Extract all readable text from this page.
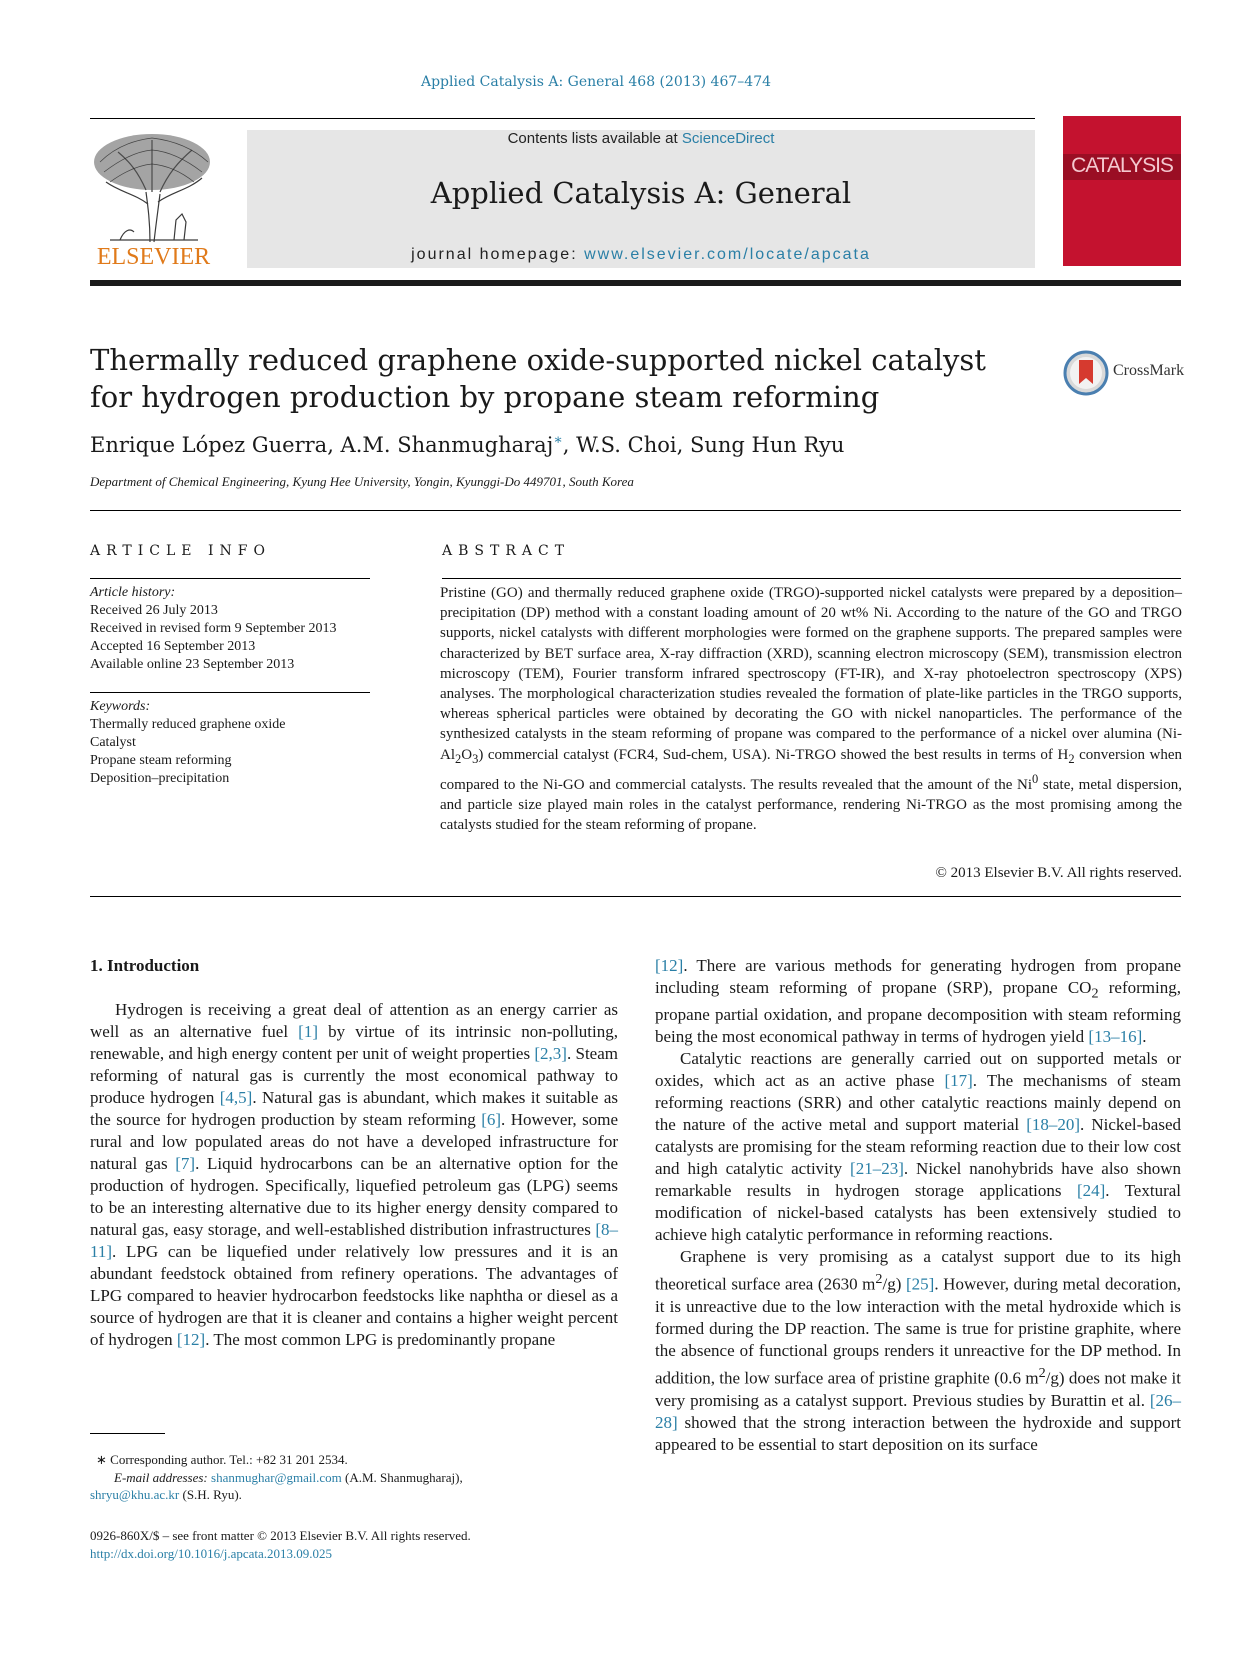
Applied Catalysis A: General 468 (2013) 467–474
ELSEVIER
Contents lists available at ScienceDirect
Applied Catalysis A: General
journal homepage: www.elsevier.com/locate/apcata
CATALYSIS
Thermally reduced graphene oxide-supported nickel catalyst for hydrogen production by propane steam reforming
CrossMark
Enrique López Guerra, A.M. Shanmugharaj∗, W.S. Choi, Sung Hun Ryu
Department of Chemical Engineering, Kyung Hee University, Yongin, Kyunggi-Do 449701, South Korea
ARTICLE INFO	ABSTRACT
Article history:
Received 26 July 2013
Received in revised form 9 September 2013
Accepted 16 September 2013
Available online 23 September 2013
Keywords:
Thermally reduced graphene oxide
Catalyst
Propane steam reforming
Deposition–precipitation
Pristine (GO) and thermally reduced graphene oxide (TRGO)-supported nickel catalysts were prepared by a deposition–precipitation (DP) method with a constant loading amount of 20 wt% Ni. According to the nature of the GO and TRGO supports, nickel catalysts with different morphologies were formed on the graphene supports. The prepared samples were characterized by BET surface area, X-ray diffraction (XRD), scanning electron microscopy (SEM), transmission electron microscopy (TEM), Fourier transform infrared spectroscopy (FT-IR), and X-ray photoelectron spectroscopy (XPS) analyses. The morphological characterization studies revealed the formation of plate-like particles in the TRGO supports, whereas spherical particles were obtained by decorating the GO with nickel nanoparticles. The performance of the synthesized catalysts in the steam reforming of propane was compared to the performance of a nickel over alumina $(Ni-Al_2O_3)$ commercial catalyst (FCR4, Sud-chem, USA). Ni-TRGO showed the best results in terms of $H_2$ conversion when compared to the Ni-GO and commercial catalysts. The results revealed that the amount of the Ni$^0$ state, metal dispersion, and particle size played main roles in the catalyst performance, rendering Ni-TRGO as the most promising among the catalysts studied for the steam reforming of propane.
© 2013 Elsevier B.V. All rights reserved.
1. Introduction

Hydrogen is receiving a great deal of attention as an energy carrier as well as an alternative fuel [1] by virtue of its intrinsic non-polluting, renewable, and high energy content per unit of weight properties [2,3]. Steam reforming of natural gas is currently the most economical pathway to produce hydrogen [4,5]. Natural gas is abundant, which makes it suitable as the source for hydrogen production by steam reforming [6]. However, some rural and low populated areas do not have a developed infrastructure for natural gas [7]. Liquid hydrocarbons can be an alternative option for the production of hydrogen. Specifically, liquefied petroleum gas (LPG) seems to be an interesting alternative due to its higher energy density compared to natural gas, easy storage, and well-established distribution infrastructures [8–11]. LPG can be liquefied under relatively low pressures and it is an abundant feedstock obtained from refinery operations. The advantages of LPG compared to heavier hydrocarbon feedstocks like naphtha or diesel as a source of hydrogen are that it is cleaner and contains a higher weight percent of hydrogen [12]. The most common LPG is predominantly propane

[12]. There are various methods for generating hydrogen from propane including steam reforming of propane (SRP), propane $CO_2$ reforming, propane partial oxidation, and propane decomposition with steam reforming being the most economical pathway in terms of hydrogen yield [13–16].

Catalytic reactions are generally carried out on supported metals or oxides, which act as an active phase [17]. The mechanisms of steam reforming reactions (SRR) and other catalytic reactions mainly depend on the nature of the active metal and support material [18–20]. Nickel-based catalysts are promising for the steam reforming reaction due to their low cost and high catalytic activity [21–23]. Nickel nanohybrids have also shown remarkable results in hydrogen storage applications [24]. Textural modification of nickel-based catalysts has been extensively studied to achieve high catalytic performance in reforming reactions.

Graphene is very promising as a catalyst support due to its high theoretical surface area (2630 $m^2/g$) [25]. However, during metal decoration, it is unreactive due to the low interaction with the metal hydroxide which is formed during the DP reaction. The same is true for pristine graphite, where the absence of functional groups renders it unreactive for the DP method. In addition, the low surface area of pristine graphite (0.6 $m^2/g$) does not make it very promising as a catalyst support. Previous studies by Burattin et al. [26–28] showed that the strong interaction between the hydroxide and support appeared to be essential to start deposition on its surface

∗ Corresponding author. Tel.: +82 31 201 2534.
E-mail addresses: shanmughar@gmail.com (A.M. Shanmugharaj),
shryu@khu.ac.kr (S.H. Ryu).
0926-860X/$ – see front matter © 2013 Elsevier B.V. All rights reserved.
http://dx.doi.org/10.1016/j.apcata.2013.09.025
